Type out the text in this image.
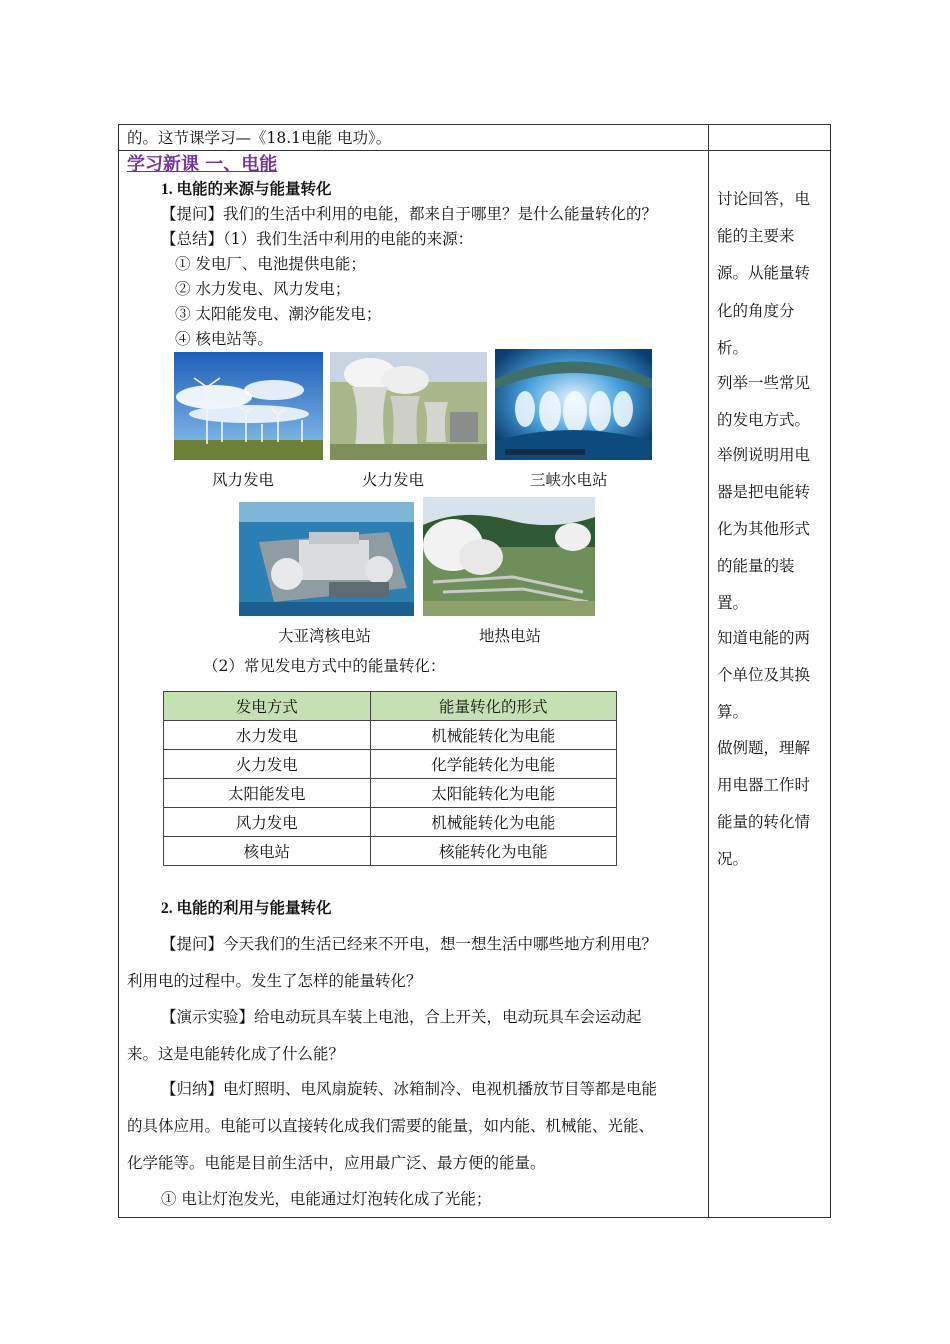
的。这节课学习—《18.1电能 电功》。
学习新课 一、电能
1. 电能的来源与能量转化
【提问】我们的生活中利用的电能，都来自于哪里？是什么能量转化的？
【总结】（1）我们生活中利用的电能的来源：
① 发电厂、电池提供电能；
② 水力发电、风力发电；
③ 太阳能发电、潮汐能发电；
④ 核电站等。
风力发电	火力发电	三峡水电站
大亚湾核电站	地热电站
（2）常见发电方式中的能量转化：
发电方式	能量转化的形式
水力发电	机械能转化为电能
火力发电	化学能转化为电能
太阳能发电	太阳能转化为电能
风力发电	机械能转化为电能
核电站	核能转化为电能
2. 电能的利用与能量转化
【提问】今天我们的生活已经来不开电，想一想生活中哪些地方利用电？
利用电的过程中。发生了怎样的能量转化？
【演示实验】给电动玩具车装上电池，合上开关，电动玩具车会运动起
来。这是电能转化成了什么能？
【归纳】电灯照明、电风扇旋转、冰箱制冷、电视机播放节目等都是电能
的具体应用。电能可以直接转化成我们需要的能量，如内能、机械能、光能、
化学能等。电能是目前生活中，应用最广泛、最方便的能量。
① 电让灯泡发光，电能通过灯泡转化成了光能；
讨论回答，电
能的主要来
源。从能量转
化的角度分
析。
列举一些常见
的发电方式。
举例说明用电
器是把电能转
化为其他形式
的能量的装
置。
知道电能的两
个单位及其换
算。
做例题，理解
用电器工作时
能量的转化情
况。
